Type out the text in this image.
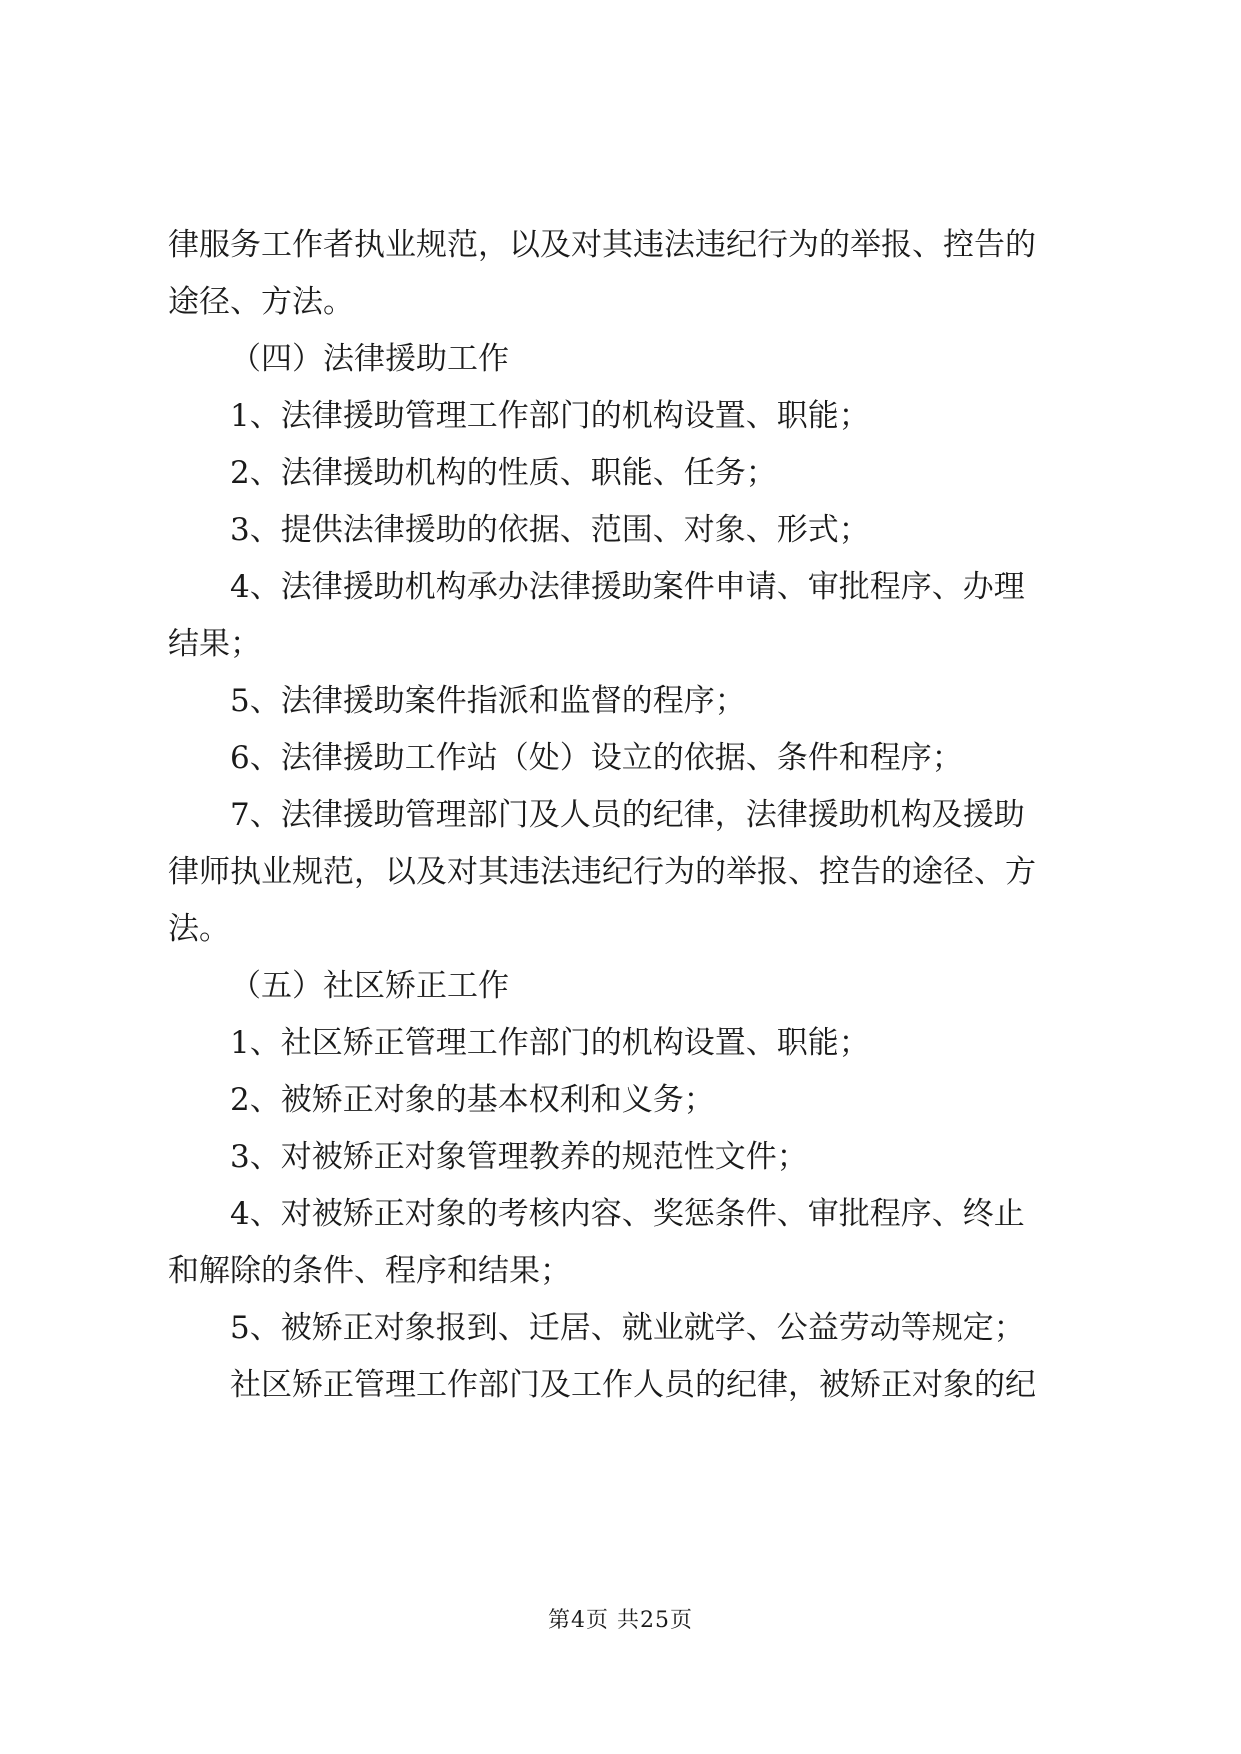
律服务工作者执业规范，以及对其违法违纪行为的举报、控告的
途径、方法。
（四）法律援助工作
1、法律援助管理工作部门的机构设置、职能；
2、法律援助机构的性质、职能、任务；
3、提供法律援助的依据、范围、对象、形式；
4、法律援助机构承办法律援助案件申请、审批程序、办理
结果；
5、法律援助案件指派和监督的程序；
6、法律援助工作站（处）设立的依据、条件和程序；
7、法律援助管理部门及人员的纪律，法律援助机构及援助
律师执业规范，以及对其违法违纪行为的举报、控告的途径、方
法。
（五）社区矫正工作
1、社区矫正管理工作部门的机构设置、职能；
2、被矫正对象的基本权利和义务；
3、对被矫正对象管理教养的规范性文件；
4、对被矫正对象的考核内容、奖惩条件、审批程序、终止
和解除的条件、程序和结果；
5、被矫正对象报到、迁居、就业就学、公益劳动等规定；
社区矫正管理工作部门及工作人员的纪律，被矫正对象的纪
第4页 共25页
